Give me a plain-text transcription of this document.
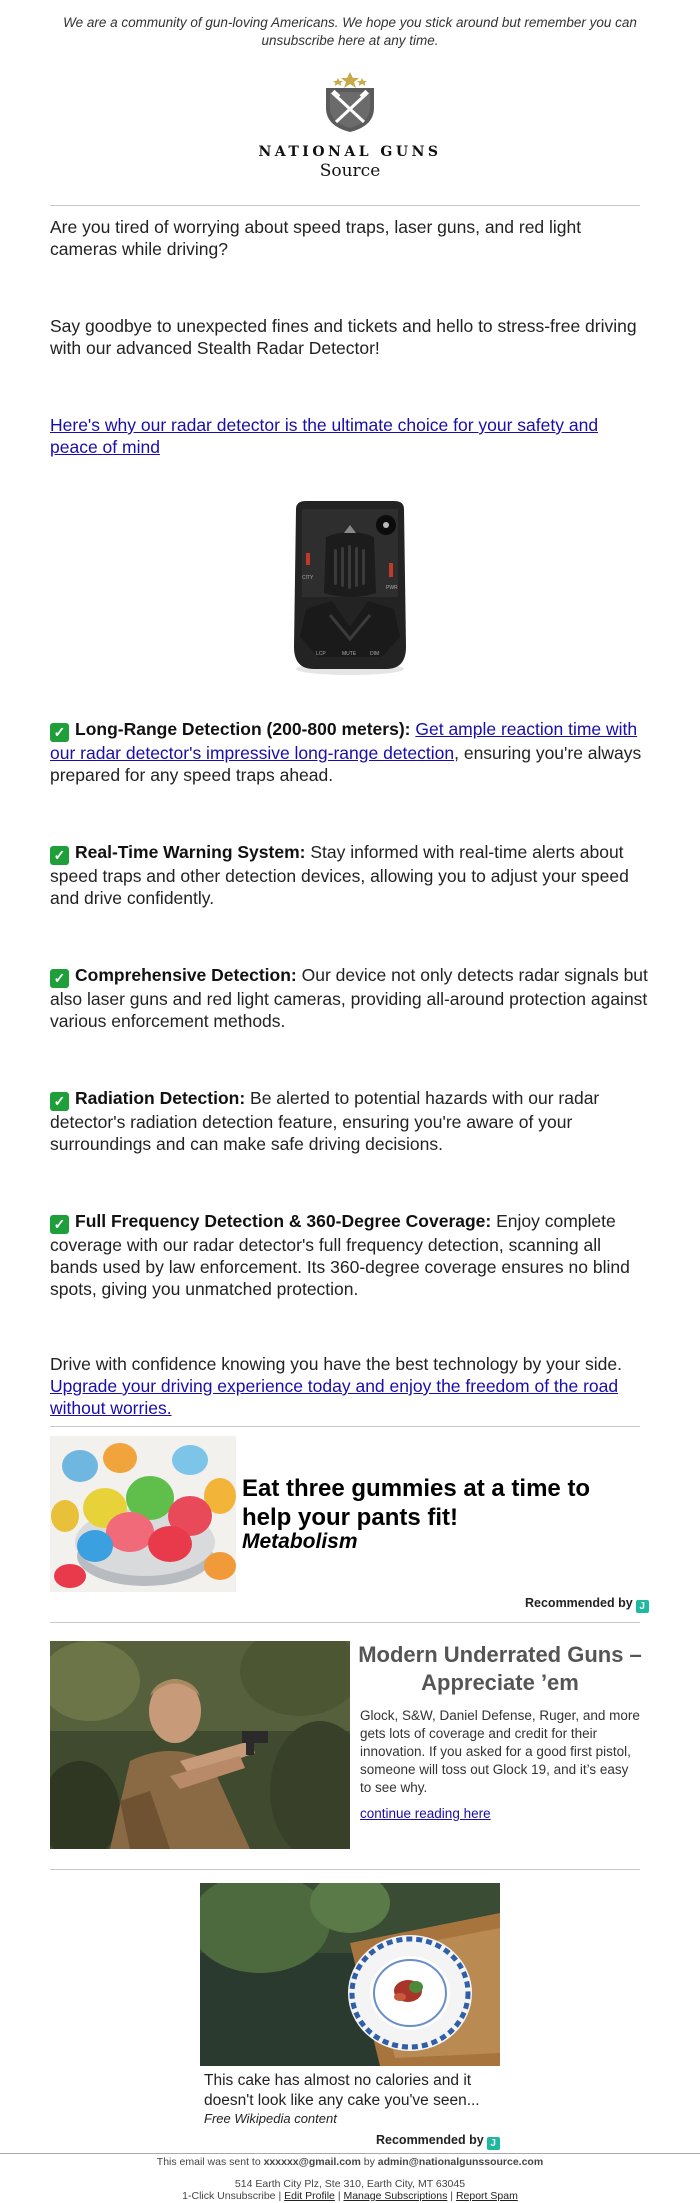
We are a community of gun-loving Americans. We hope you stick around but remember you can unsubscribe here at any time.
NATIONAL GUNS
Source
Are you tired of worrying about speed traps, laser guns, and red light cameras while driving?
Say goodbye to unexpected fines and tickets and hello to stress-free driving with our advanced Stealth Radar Detector!
Here's why our radar detector is the ultimate choice for your safety and peace of mind
LCP	MUTE	DIM
CITY
PWR
✓ Long-Range Detection (200-800 meters): Get ample reaction time with our radar detector's impressive long-range detection, ensuring you're always prepared for any speed traps ahead.
✓ Real-Time Warning System: Stay informed with real-time alerts about speed traps and other detection devices, allowing you to adjust your speed and drive confidently.
✓ Comprehensive Detection: Our device not only detects radar signals but also laser guns and red light cameras, providing all-around protection against various enforcement methods.
✓ Radiation Detection: Be alerted to potential hazards with our radar detector's radiation detection feature, ensuring you're aware of your surroundings and can make safe driving decisions.
✓ Full Frequency Detection & 360-Degree Coverage: Enjoy complete coverage with our radar detector's full frequency detection, scanning all bands used by law enforcement. Its 360-degree coverage ensures no blind spots, giving you unmatched protection.
Drive with confidence knowing you have the best technology by your side. Upgrade your driving experience today and enjoy the freedom of the road without worries.
Eat three gummies at a time to help your pants fit!
Metabolism
Recommended by J
Modern Underrated Guns – Appreciate ’em
Glock, S&W, Daniel Defense, Ruger, and more gets lots of coverage and credit for their innovation. If you asked for a good first pistol, someone will toss out Glock 19, and it’s easy to see why.
continue reading here
This cake has almost no calories and it doesn't look like any cake you've seen...
Free Wikipedia content
Recommended by J
This email was sent to xxxxxx@gmail.com by admin@nationalgunssource.com
514 Earth City Plz, Ste 310, Earth City, MT 63045
1-Click Unsubscribe | Edit Profile | Manage Subscriptions | Report Spam
